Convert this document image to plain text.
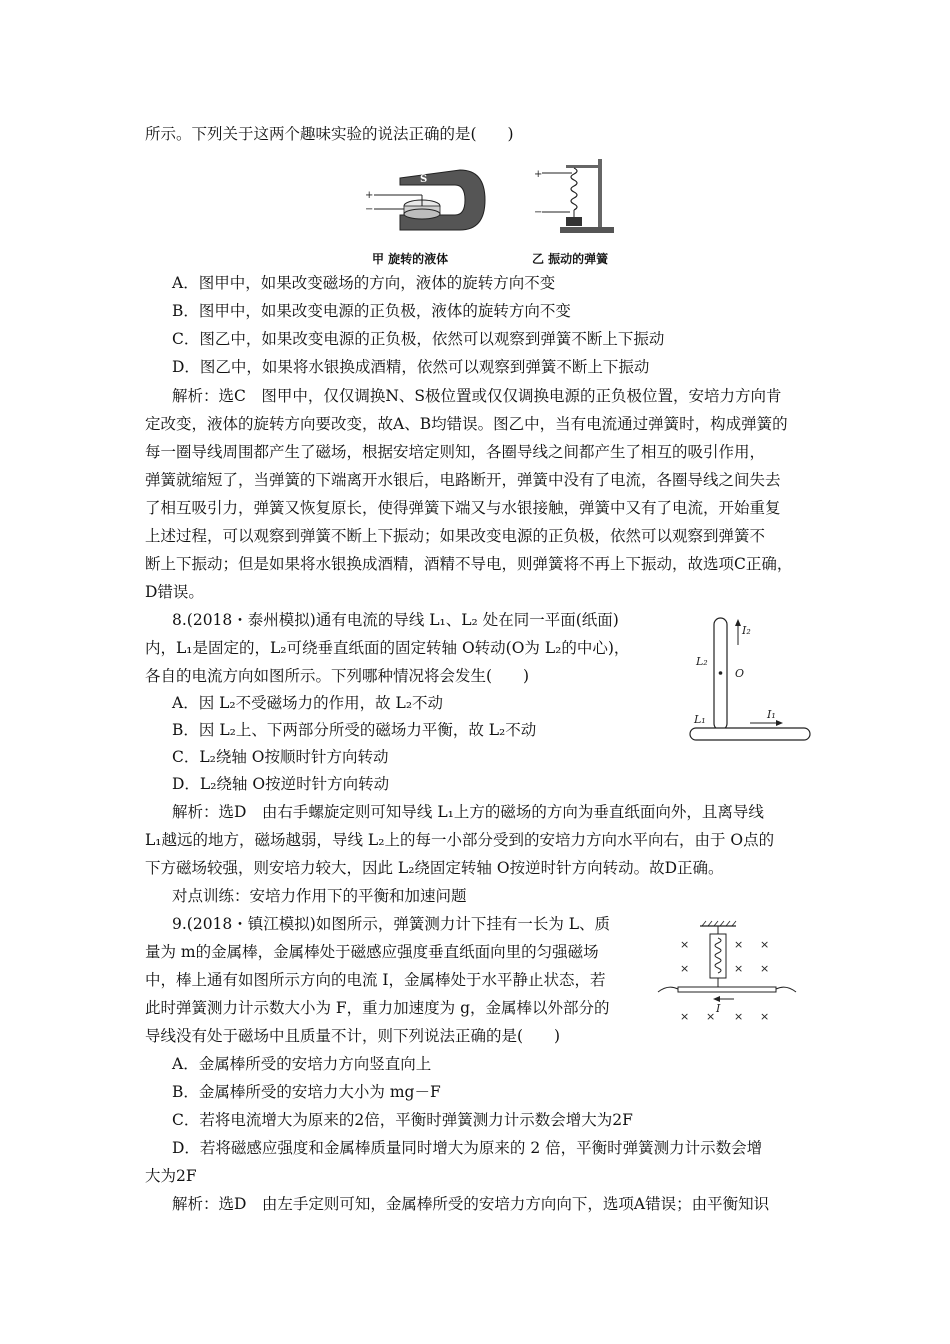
所示。下列关于这两个趣味实验的说法正确的是(　　)
+
−
S
甲 旋转的液体
+
−
乙 振动的弹簧
A．图甲中，如果改变磁场的方向，液体的旋转方向不变
B．图甲中，如果改变电源的正负极，液体的旋转方向不变
C．图乙中，如果改变电源的正负极，依然可以观察到弹簧不断上下振动
D．图乙中，如果将水银换成酒精，依然可以观察到弹簧不断上下振动
解析：选C　图甲中，仅仅调换N、S极位置或仅仅调换电源的正负极位置，安培力方向肯
定改变，液体的旋转方向要改变，故A、B均错误。图乙中，当有电流通过弹簧时，构成弹簧的
每一圈导线周围都产生了磁场，根据安培定则知，各圈导线之间都产生了相互的吸引作用，
弹簧就缩短了，当弹簧的下端离开水银后，电路断开，弹簧中没有了电流，各圈导线之间失去
了相互吸引力，弹簧又恢复原长，使得弹簧下端又与水银接触，弹簧中又有了电流，开始重复
上述过程，可以观察到弹簧不断上下振动；如果改变电源的正负极，依然可以观察到弹簧不
断上下振动；但是如果将水银换成酒精，酒精不导电，则弹簧将不再上下振动，故选项C正确，
D错误。
8.(2018・泰州模拟)通有电流的导线 L₁、L₂ 处在同一平面(纸面)
内，L₁是固定的，L₂可绕垂直纸面的固定转轴 O转动(O为 L₂的中心)，
各自的电流方向如图所示。下列哪种情况将会发生(　　)
A．因 L₂不受磁场力的作用，故 L₂不动
B．因 L₂上、下两部分所受的磁场力平衡，故 L₂不动
C．L₂绕轴 O按顺时针方向转动
D．L₂绕轴 O按逆时针方向转动
I₂
L₂
O
L₁	I₁
解析：选D　由右手螺旋定则可知导线 L₁上方的磁场的方向为垂直纸面向外，且离导线
L₁越远的地方，磁场越弱，导线 L₂上的每一小部分受到的安培力方向水平向右，由于 O点的
下方磁场较强，则安培力较大，因此 L₂绕固定转轴 O按逆时针方向转动。故D正确。
对点训练：安培力作用下的平衡和加速问题
9.(2018・镇江模拟)如图所示，弹簧测力计下挂有一长为 L、质
量为 m的金属棒，金属棒处于磁感应强度垂直纸面向里的匀强磁场
中，棒上通有如图所示方向的电流 I，金属棒处于水平静止状态，若
此时弹簧测力计示数大小为 F，重力加速度为 g，金属棒以外部分的
导线没有处于磁场中且质量不计，则下列说法正确的是(　　)
×	× ×
×	× ×
× × × ×
I
A．金属棒所受的安培力方向竖直向上
B．金属棒所受的安培力大小为 mg－F
C．若将电流增大为原来的2倍，平衡时弹簧测力计示数会增大为2F
D．若将磁感应强度和金属棒质量同时增大为原来的 2 倍，平衡时弹簧测力计示数会增
大为2F
解析：选D　由左手定则可知，金属棒所受的安培力方向向下，选项A错误；由平衡知识
